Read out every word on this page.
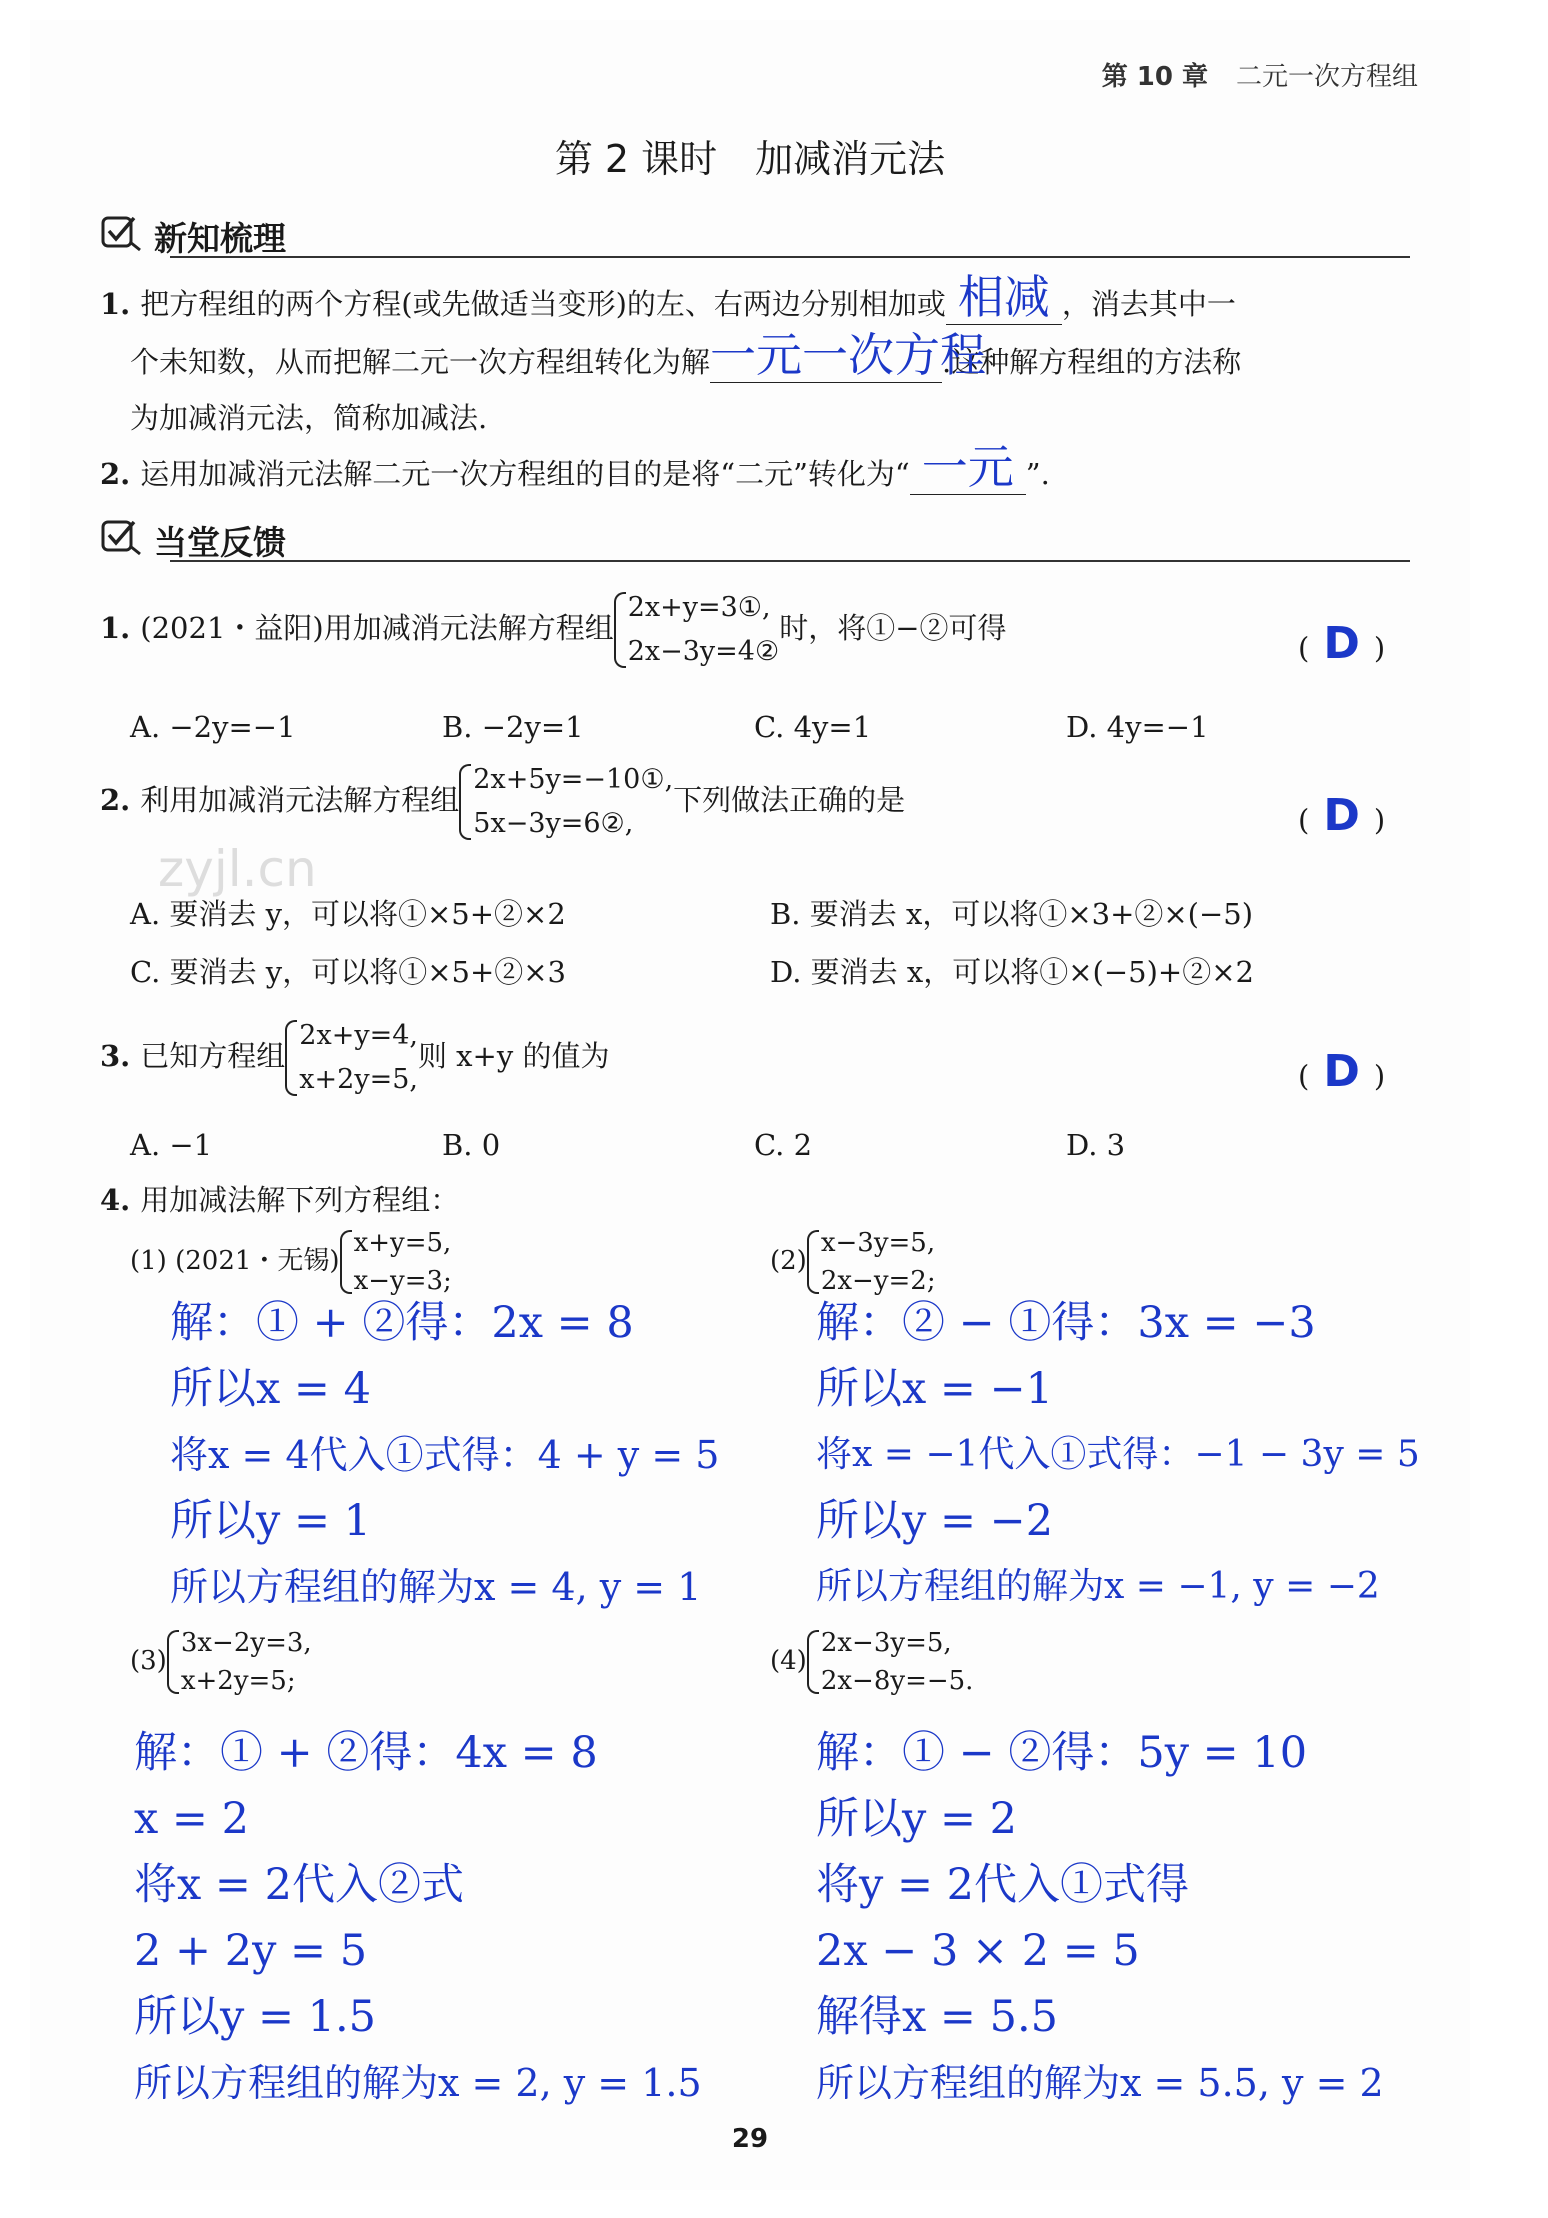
第 10 章 二元一次方程组
第 2 课时　加减消元法
新知梳理
1. 把方程组的两个方程(或先做适当变形)的左、右两边分别相加或 相减 ，消去其中一
个未知数，从而把解二元一次方程组转化为解 一元一次方程
.这种解方程组的方法称
为加减消元法，简称加减法.
2. 运用加减消元法解二元一次方程组的目的是将“二元”转化为“ 一元 ”.
当堂反馈
1. (2021・益阳)用加减消元法解方程组2x+y=3①,
2x−3y=4②时，将①−②可得
( D )
A. −2y=−1	B. −2y=1	C. 4y=1	D. 4y=−1
2. 利用加减消元法解方程组2x+5y=−10①,
5x−3y=6②,下列做法正确的是
( D )
zyjl.cn
A. 要消去 y，可以将①×5+②×2	B. 要消去 x，可以将①×3+②×(−5)
C. 要消去 y，可以将①×5+②×3	D. 要消去 x，可以将①×(−5)+②×2
3. 已知方程组2x+y=4,
x+2y=5,则 x+y 的值为
( D )
A. −1	B. 0	C. 2	D. 3
4. 用加减法解下列方程组：
(1) (2021・无锡)x+y=5,
x−y=3;
解：① + ②得：2x = 8
所以x = 4
将x = 4代入①式得：4 + y = 5
所以y = 1
所以方程组的解为x = 4, y = 1
(2)x−3y=5,
2x−y=2;
解：② − ①得：3x = −3
所以x = −1
将x = −1代入①式得：−1 − 3y = 5
所以y = −2
所以方程组的解为x = −1, y = −2
(3)3x−2y=3,
x+2y=5;
解：① + ②得：4x = 8
x = 2
将x = 2代入②式
2 + 2y = 5
所以y = 1.5
所以方程组的解为x = 2, y = 1.5
(4)2x−3y=5,
2x−8y=−5.
解：① − ②得：5y = 10
所以y = 2
将y = 2代入①式得
2x − 3 × 2 = 5
解得x = 5.5
所以方程组的解为x = 5.5, y = 2
29
